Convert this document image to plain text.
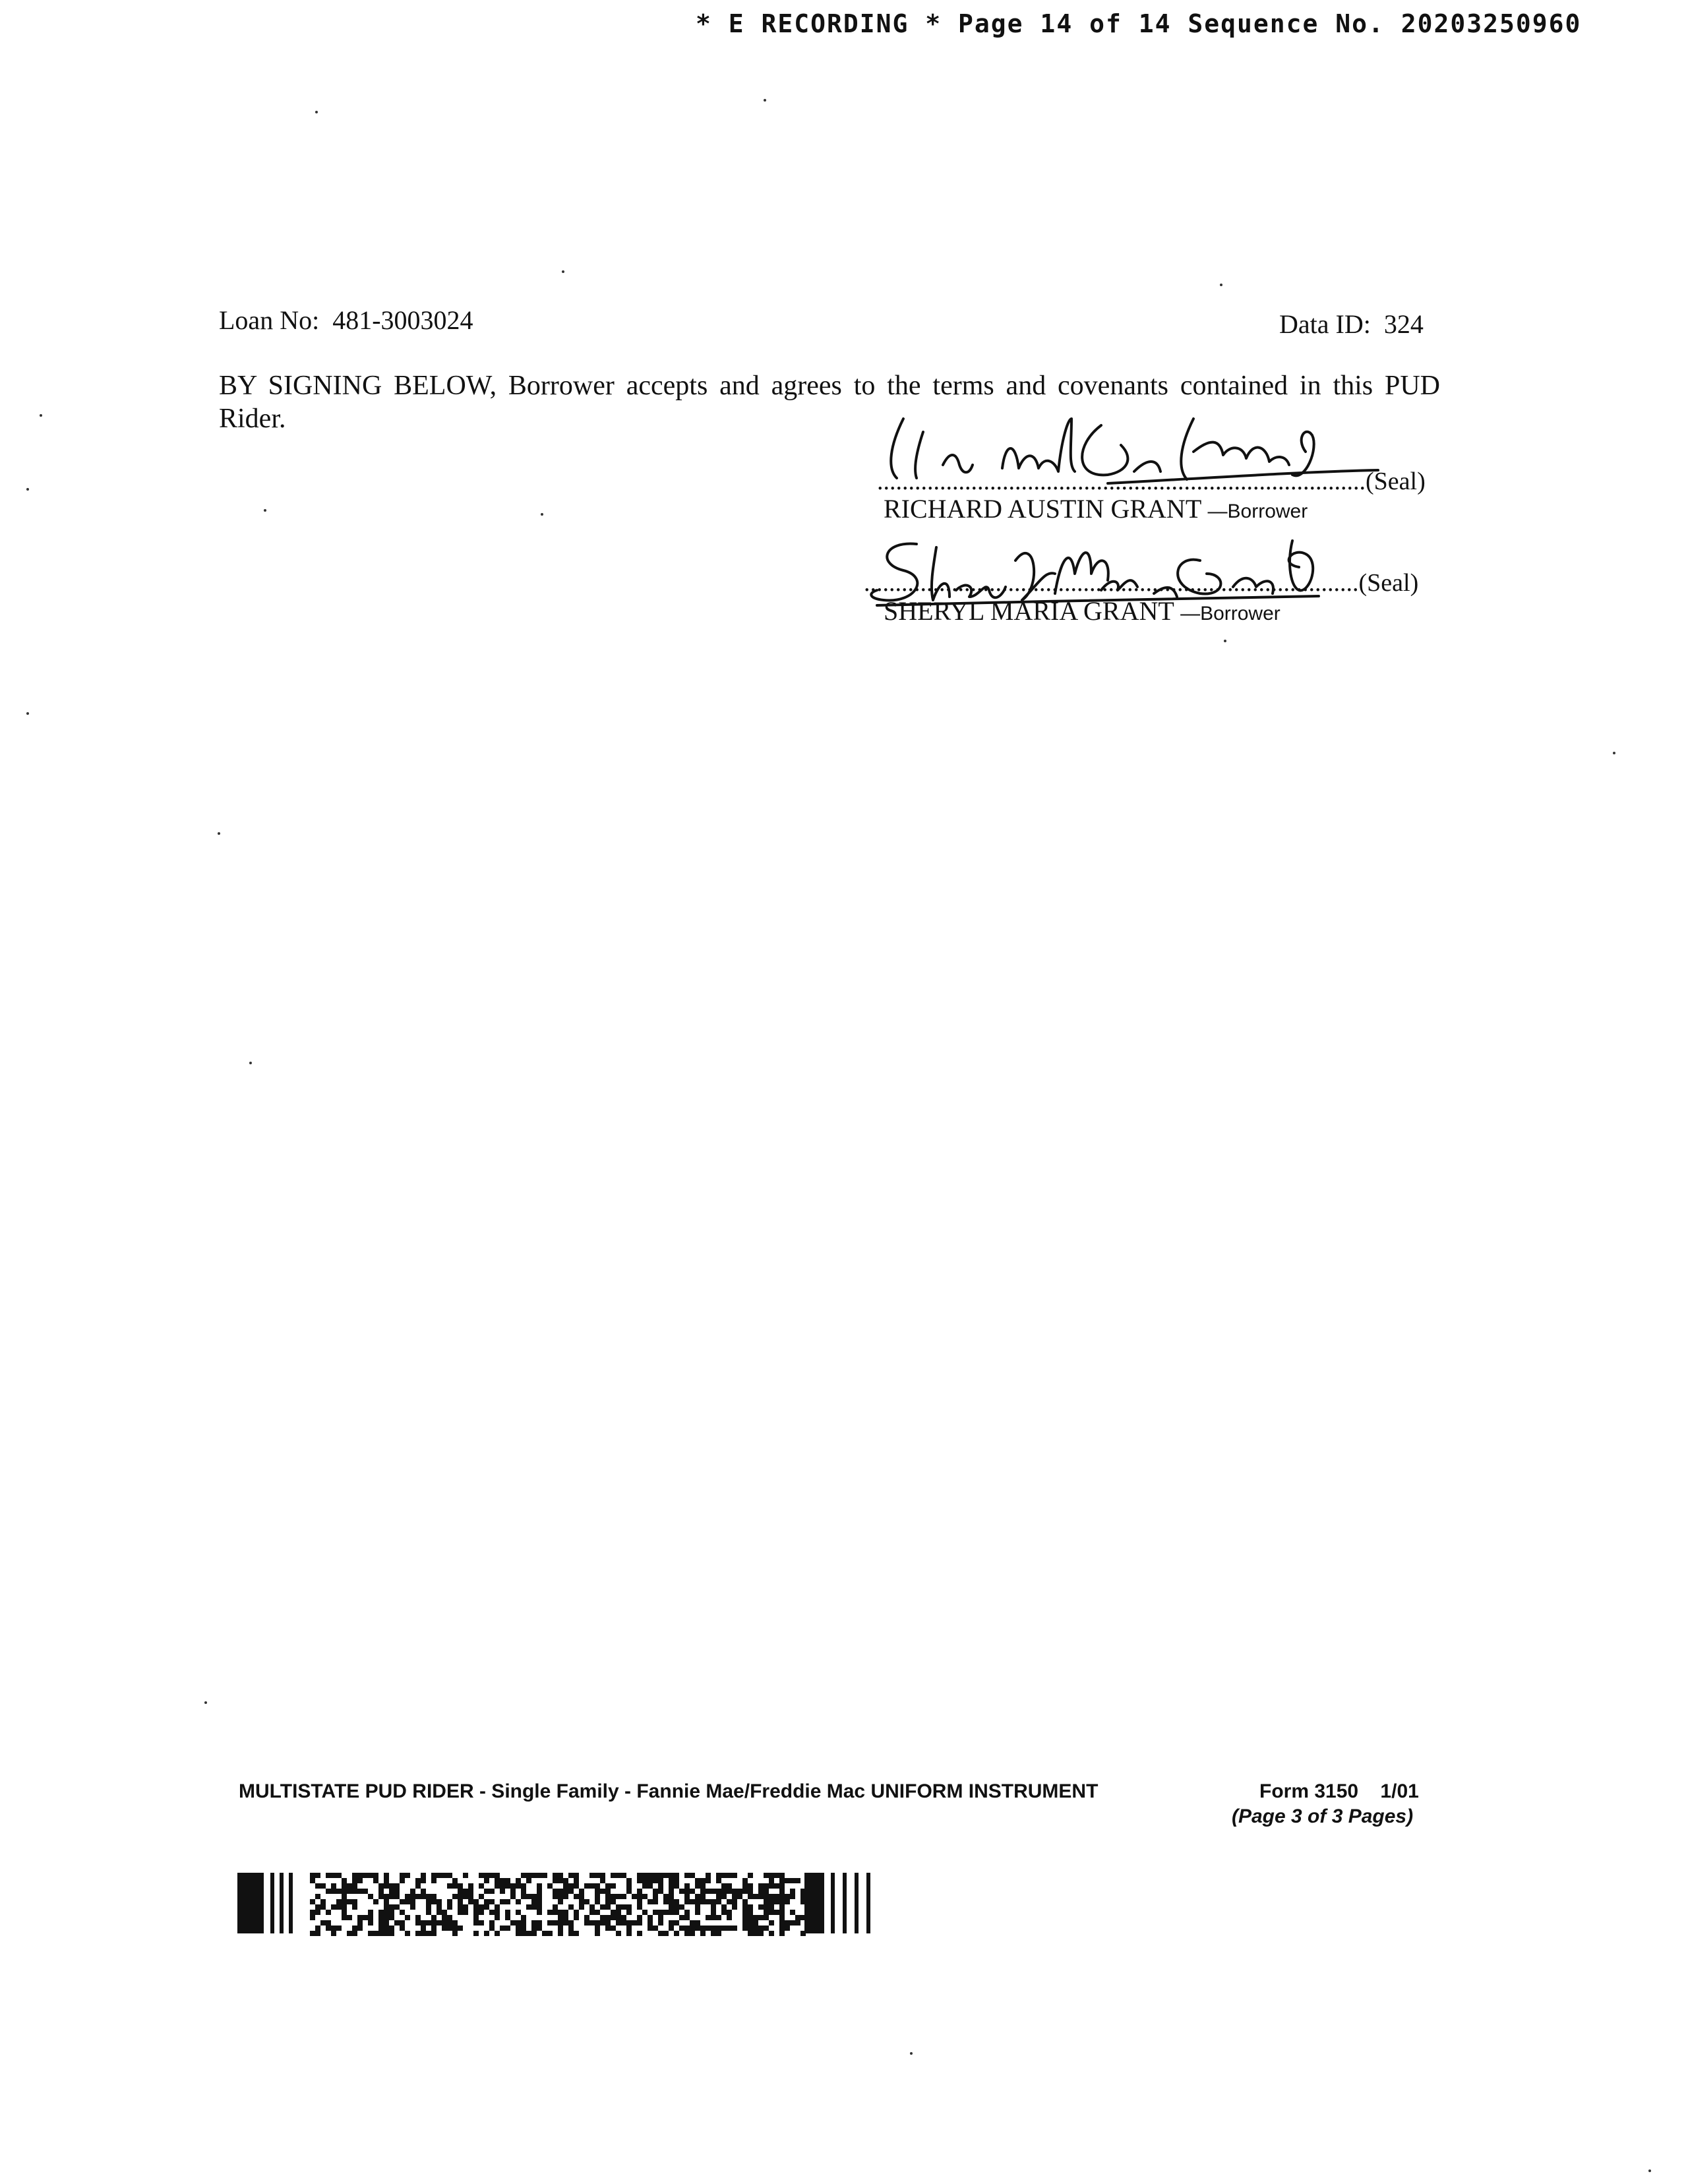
* E RECORDING * Page 14 of 14 Sequence No. 20203250960
Loan No: 481-3003024	Data ID: 324
BY SIGNING BELOW, Borrower accepts and agrees to the terms and covenants contained in this PUD Rider.
..............................................................................(Seal)
RICHARD AUSTIN GRANT —Borrower
...............................................................................(Seal)
SHERYL MARIA GRANT —Borrower
MULTISTATE PUD RIDER - Single Family - Fannie Mae/Freddie Mac UNIFORM INSTRUMENT	Form 3150 1/01
(Page 3 of 3 Pages)
